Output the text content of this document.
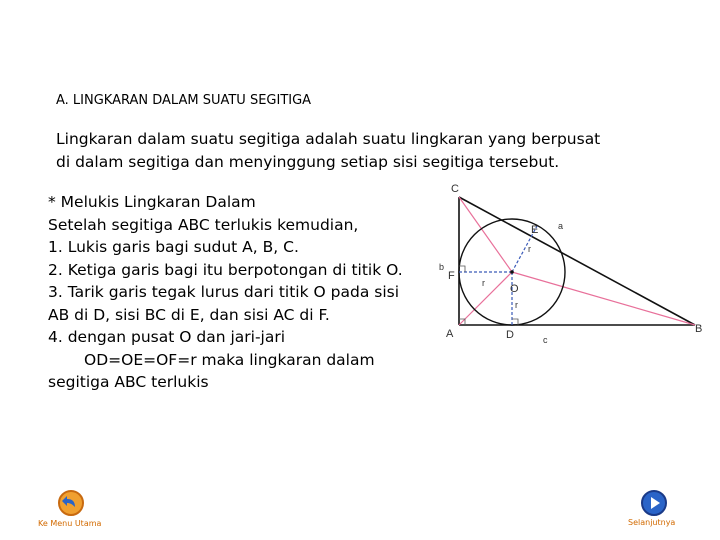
A. LINGKARAN DALAM SUATU SEGITIGA
Lingkaran dalam suatu segitiga adalah suatu lingkaran yang berpusat
di dalam segitiga dan menyinggung setiap sisi segitiga tersebut.
* Melukis Lingkaran Dalam
Setelah segitiga ABC terlukis kemudian,
1. Lukis garis bagi sudut A, B, C.
2. Ketiga garis bagi itu berpotongan di titik O.
3. Tarik garis tegak lurus dari titik O pada sisi
AB di D, sisi BC di E, dan sisi AC di F.
4. dengan pusat O dan jari-jari
OD=OE=OF=r maka lingkaran dalam
segitiga ABC terlukis
C
A	B
D
E
F
O
a
b
c
r
r
r
Ke Menu Utama	Selanjutnya
